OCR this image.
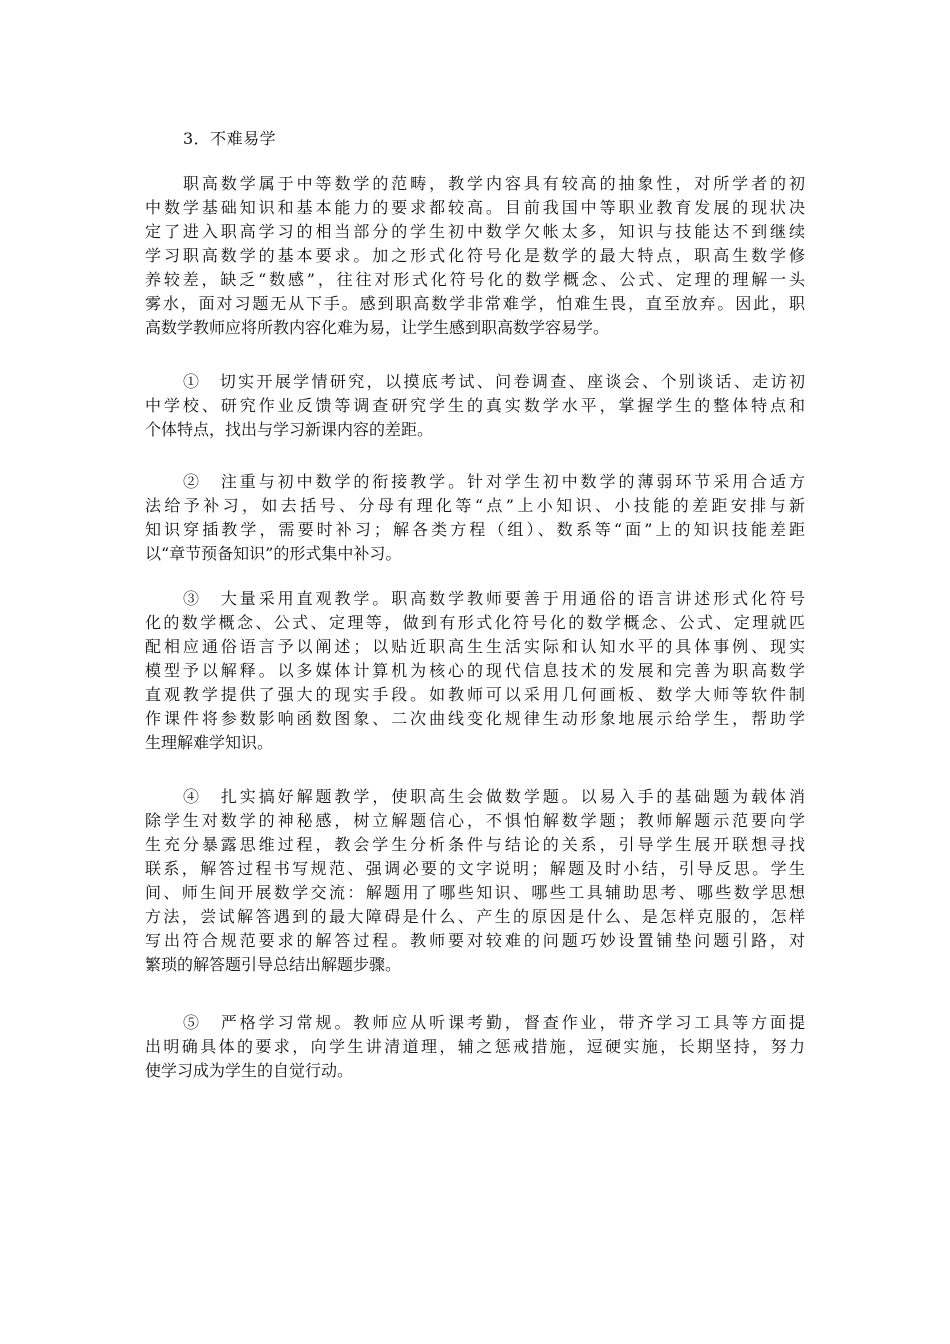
3．不难易学
职高数学属于中等数学的范畴，教学内容具有较高的抽象性，对所学者的初
中数学基础知识和基本能力的要求都较高。目前我国中等职业教育发展的现状决
定了进入职高学习的相当部分的学生初中数学欠帐太多，知识与技能达不到继续
学习职高数学的基本要求。加之形式化符号化是数学的最大特点，职高生数学修
养较差，缺乏“数感”，往往对形式化符号化的数学概念、公式、定理的理解一头
雾水，面对习题无从下手。感到职高数学非常难学，怕难生畏，直至放弃。因此，职
高数学教师应将所教内容化难为易，让学生感到职高数学容易学。
①　切实开展学情研究，以摸底考试、问卷调查、座谈会、个别谈话、走访初
中学校、研究作业反馈等调查研究学生的真实数学水平，掌握学生的整体特点和
个体特点，找出与学习新课内容的差距。
②　注重与初中数学的衔接教学。针对学生初中数学的薄弱环节采用合适方
法给予补习，如去括号、分母有理化等“点”上小知识、小技能的差距安排与新
知识穿插教学，需要时补习；解各类方程（组）、数系等“面”上的知识技能差距
以“章节预备知识”的形式集中补习。
③　大量采用直观教学。职高数学教师要善于用通俗的语言讲述形式化符号
化的数学概念、公式、定理等，做到有形式化符号化的数学概念、公式、定理就匹
配相应通俗语言予以阐述；以贴近职高生生活实际和认知水平的具体事例、现实
模型予以解释。以多媒体计算机为核心的现代信息技术的发展和完善为职高数学
直观教学提供了强大的现实手段。如教师可以采用几何画板、数学大师等软件制
作课件将参数影响函数图象、二次曲线变化规律生动形象地展示给学生，帮助学
生理解难学知识。
④　扎实搞好解题教学，使职高生会做数学题。以易入手的基础题为载体消
除学生对数学的神秘感，树立解题信心，不惧怕解数学题；教师解题示范要向学
生充分暴露思维过程，教会学生分析条件与结论的关系，引导学生展开联想寻找
联系，解答过程书写规范、强调必要的文字说明；解题及时小结，引导反思。学生
间、师生间开展数学交流：解题用了哪些知识、哪些工具辅助思考、哪些数学思想
方法，尝试解答遇到的最大障碍是什么、产生的原因是什么、是怎样克服的，怎样
写出符合规范要求的解答过程。教师要对较难的问题巧妙设置铺垫问题引路，对
繁琐的解答题引导总结出解题步骤。
⑤　严格学习常规。教师应从听课考勤，督查作业，带齐学习工具等方面提
出明确具体的要求，向学生讲清道理，辅之惩戒措施，逗硬实施，长期坚持，努力
使学习成为学生的自觉行动。
